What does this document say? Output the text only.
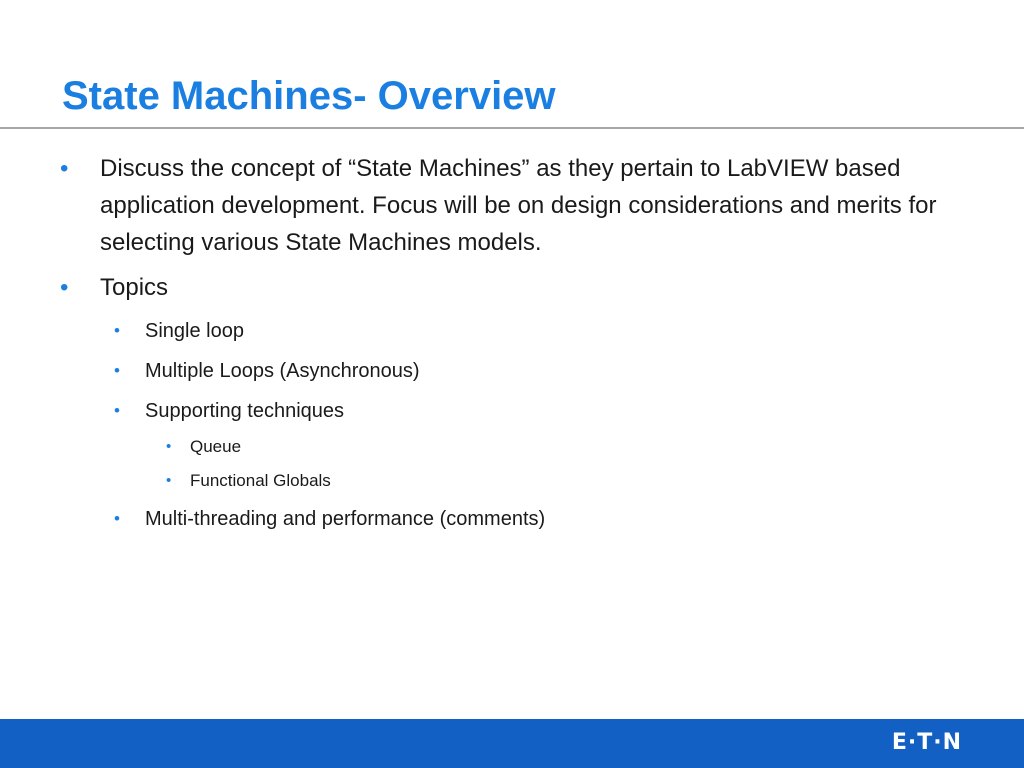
State Machines- Overview
• Discuss the concept of “State Machines” as they pertain to LabVIEW based application development. Focus will be on design considerations and merits for selecting various State Machines models.
• Topics
• Single loop
• Multiple Loops (Asynchronous)
• Supporting techniques
• Queue
• Functional Globals
• Multi-threading and performance (comments)
E·T·N
